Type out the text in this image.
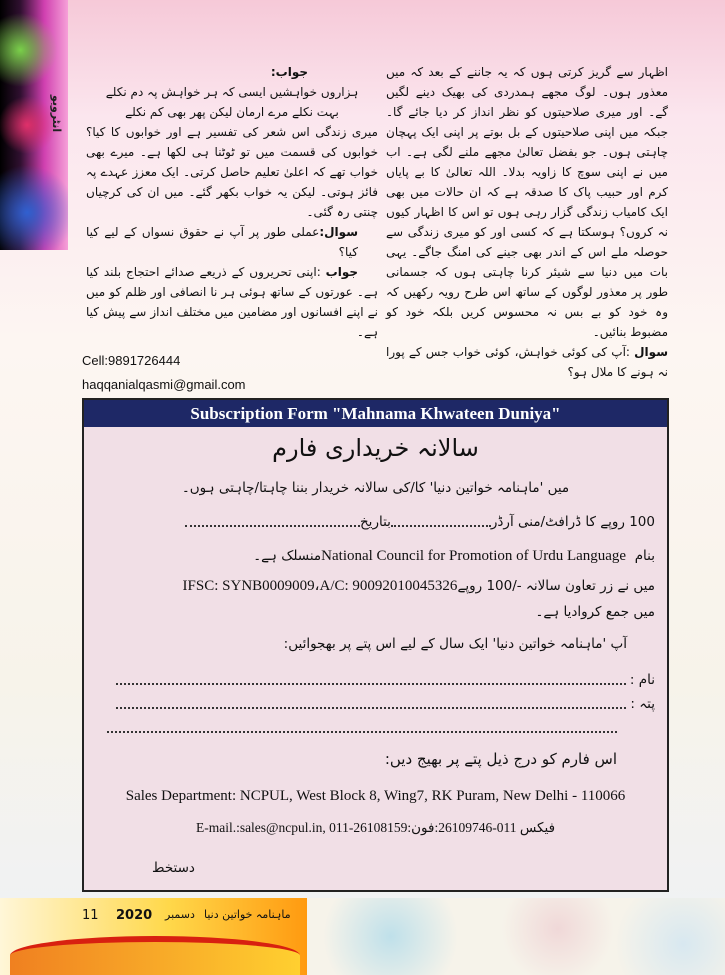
انٹرویو

اظہار سے گریز کرتی ہوں کہ یہ جاننے کے بعد کہ میں معذور ہوں۔ لوگ مجھے ہمدردی کی بھیک دینے لگیں گے۔ اور میری صلاحیتوں کو نظر انداز کر دیا جائے گا۔ جبکہ میں اپنی صلاحیتوں کے بل بوتے پر اپنی ایک پہچان چاہتی ہوں۔ جو بفضل تعالیٰ مجھے ملنے لگی ہے۔ اب میں نے اپنی سوچ کا زاویہ بدلا۔ اللہ تعالیٰ کا بے پایاں کرم اور حبیب پاک کا صدقہ ہے کہ ان حالات میں بھی ایک کامیاب زندگی گزار رہی ہوں تو اس کا اظہار کیوں نہ کروں؟ ہوسکتا ہے کہ کسی اور کو میری زندگی سے حوصلہ ملے اس کے اندر بھی جینے کی امنگ جاگے۔ یہی بات میں دنیا سے شیئر کرنا چاہتی ہوں کہ جسمانی طور پر معذور لوگوں کے ساتھ اس طرح رویہ رکھیں کہ وہ خود کو بے بس نہ محسوس کریں بلکہ خود کو مضبوط بنائیں۔

سوال :آپ کی کوئی خواہش، کوئی خواب جس کے پورا نہ ہونے کا ملال ہو؟

جواب:

ہزاروں خواہشیں ایسی کہ ہر خواہش پہ دم نکلے

بہت نکلے مرے ارمان لیکن پھر بھی کم نکلے

میری زندگی اس شعر کی تفسیر ہے اور خوابوں کا کیا؟ خوابوں کی قسمت میں تو ٹوٹنا ہی لکھا ہے۔ میرے بھی خواب تھے کہ اعلیٰ تعلیم حاصل کرتی۔ ایک معزز عہدے پہ فائز ہوتی۔ لیکن یہ خواب بکھر گئے۔ میں ان کی کرچیاں چنتی رہ گئی۔

سوال:عملی طور پر آپ نے حقوق نسواں کے لیے کیا کیا؟

جواب :اپنی تحریروں کے ذریعے صدائے احتجاج بلند کیا ہے۔ عورتوں کے ساتھ ہوئی ہر نا انصافی اور ظلم کو میں نے اپنے افسانوں اور مضامین میں مختلف انداز سے پیش کیا ہے۔

Cell:9891726444
haqqanialqasmi@gmail.com
Subscription Form "Mahnama Khwateen Duniya"
سالانہ خریداری فارم
میں 'ماہنامہ خواتین دنیا' کا/کی سالانہ خریدار بننا چاہتا/چاہتی ہوں۔
100 روپے کا ڈرافٹ/منی آرڈربتاریخ
بنام  National Council for Promotion of Urdu Languageمنسلک ہے۔
میں نے زر تعاون سالانہ -/100 روپےIFSC: SYNB0009009،A/C: 90092010045326
میں جمع کروادیا ہے۔
آپ 'ماہنامہ خواتین دنیا' ایک سال کے لیے اس پتے پر بھجوائیں:
نام :
پتہ :
اس فارم کو درج ذیل پتے پر بھیج دیں:
Sales Department: NCPUL, West Block 8, Wing7, RK Puram, New Delhi - 110066
E-mail.:sales@ncpul.in, 011-26108159:فیکس 011-26109746:فون
دستخط
11 2020 دسمبر ماہنامہ خواتین دنیا
